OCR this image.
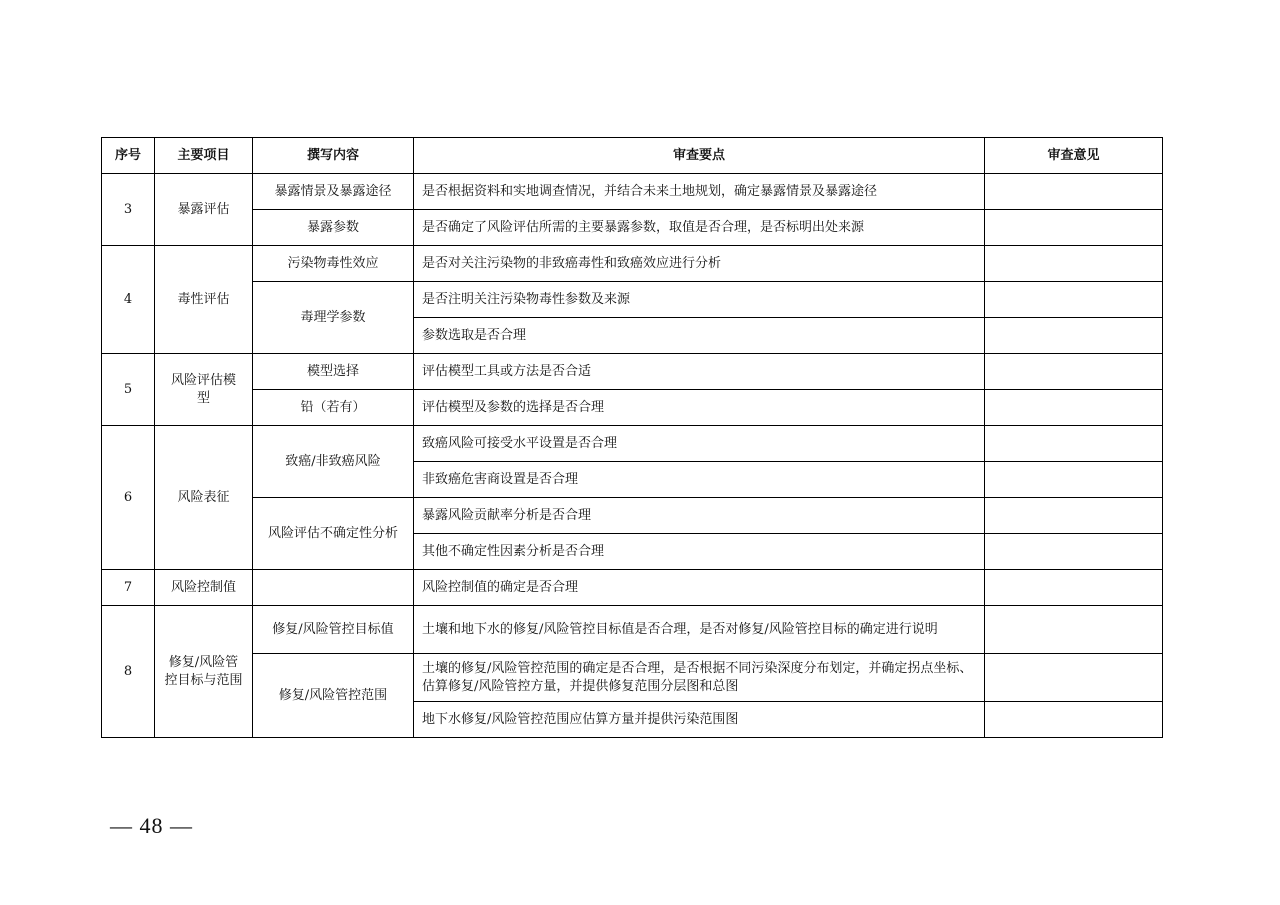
序号	主要项目	撰写内容	审查要点	审查意见
3	暴露评估	暴露情景及暴露途径	是否根据资料和实地调查情况，并结合未来土地规划，确定暴露情景及暴露途径	
		暴露参数	是否确定了风险评估所需的主要暴露参数，取值是否合理，是否标明出处来源	
4	毒性评估	污染物毒性效应	是否对关注污染物的非致癌毒性和致癌效应进行分析	
		毒理学参数	是否注明关注污染物毒性参数及来源	
			参数选取是否合理	
5	风险评估模型	模型选择	评估模型工具或方法是否合适	
		铅（若有）	评估模型及参数的选择是否合理	
6	风险表征	致癌/非致癌风险	致癌风险可接受水平设置是否合理	
			非致癌危害商设置是否合理	
		风险评估不确定性分析	暴露风险贡献率分析是否合理	
			其他不确定性因素分析是否合理	
7	风险控制值		风险控制值的确定是否合理	
8	修复/风险管控目标与范围	修复/风险管控目标值	土壤和地下水的修复/风险管控目标值是否合理，是否对修复/风险管控目标的确定进行说明	
		修复/风险管控范围	土壤的修复/风险管控范围的确定是否合理，是否根据不同污染深度分布划定，并确定拐点坐标、估算修复/风险管控方量，并提供修复范围分层图和总图	
			地下水修复/风险管控范围应估算方量并提供污染范围图	
— 48 —
